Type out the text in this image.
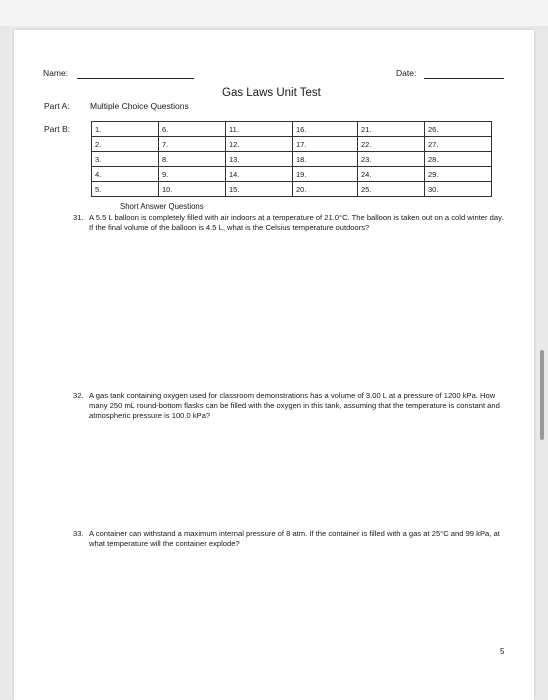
Name:	Date:
Gas Laws Unit Test
Part A: Multiple Choice Questions
Part B:	1.	6.	11.	16.	21.	26.
2.	7.	12.	17.	22.	27.
3.	8.	13.	18.	23.	28.
4.	9.	14.	19.	24.	29.
5.	10.	15.	20.	25.	30.
Short Answer Questions
31. A 5.5 L balloon is completely filled with air indoors at a temperature of 21.0°C. The balloon is taken out on a cold winter day. If the final volume of the balloon is 4.5 L, what is the Celsius temperature outdoors?
32. A gas tank containing oxygen used for classroom demonstrations has a volume of 3.00 L at a pressure of 1200 kPa. How many 250 mL round-bottom flasks can be filled with the oxygen in this tank, assuming that the temperature is constant and atmospheric pressure is 100.0 kPa?
33. A container can withstand a maximum internal pressure of 8 atm. If the container is filled with a gas at 25°C and 99 kPa, at what temperature will the container explode?
5
